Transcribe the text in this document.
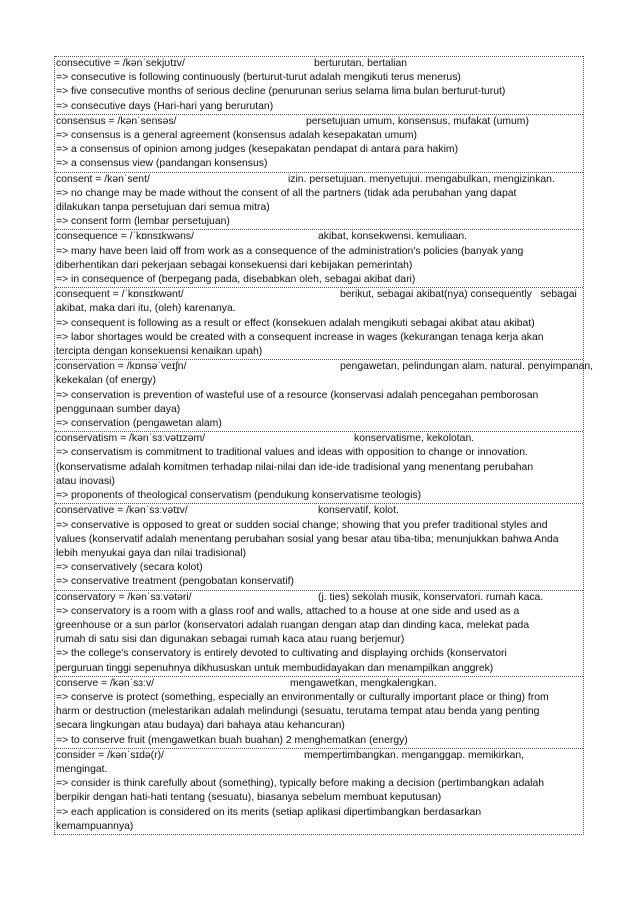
consecutive = /kənˈsekjʊtɪv/	berturutan. bertalian
=> consecutive is following continuously (berturut-turut adalah mengikuti terus menerus)
=> five consecutive months of serious decline (penurunan serius selama lima bulan berturut-turut)
=> consecutive days (Hari-hari yang berurutan)
consensus = /kənˈsensəs/	persetujuan umum, konsensus, mufakat (umum)
=> consensus is a general agreement (konsensus adalah kesepakatan umum)
=> a consensus of opinion among judges (kesepakatan pendapat di antara para hakim)
=> a consensus view (pandangan konsensus)
consent = /kənˈsent/	izin. persetujuan. menyetujui. mengabulkan, mengizinkan.
=> no change may be made without the consent of all the partners (tidak ada perubahan yang dapat
dilakukan tanpa persetujuan dari semua mitra)
=> consent form (lembar persetujuan)
consequence = /ˈkɒnsɪkwəns/	akibat, konsekwensi. kemuliaan.
=> many have been laid off from work as a consequence of the administration's policies (banyak yang
diberhentikan dari pekerjaan sebagai konsekuensi dari kebijakan pemerintah)
=> in consequence of (berpegang pada, disebabkan oleh, sebagai akibat dari)
consequent = /ˈkɒnsɪkwənt/	berikut, sebagai akibat(nya) consequently   sebagai
akibat, maka dari itu, (oleh) karenanya.
=> consequent is following as a result or effect (konsekuen adalah mengikuti sebagai akibat atau akibat)
=> labor shortages would be created with a consequent increase in wages (kekurangan tenaga kerja akan
tercipta dengan konsekuensi kenaikan upah)
conservation = /kɒnsəˈveɪʃn/	pengawetan, pelindungan alam. natural. penyimpanan,
kekekalan (of energy)
=> conservation is prevention of wasteful use of a resource (konservasi adalah pencegahan pemborosan
penggunaan sumber daya)
=> conservation (pengawetan alam)
conservatism = /kənˈsɜːvətɪzəm/	konservatisme, kekolotan.
=> conservatism is commitment to traditional values and ideas with opposition to change or innovation.
(konservatisme adalah komitmen terhadap nilai-nilai dan ide-ide tradisional yang menentang perubahan
atau inovasi)
=> proponents of theological conservatism (pendukung konservatisme teologis)
conservative = /kənˈsɜːvətɪv/	konservatif, kolot.
=> conservative is opposed to great or sudden social change; showing that you prefer traditional styles and
values (konservatif adalah menentang perubahan sosial yang besar atau tiba-tiba; menunjukkan bahwa Anda
lebih menyukai gaya dan nilai tradisional)
=> conservatively (secara kolot)
=> conservative treatment (pengobatan konservatif)
conservatory = /kənˈsɜːvətəri/	(j. ties) sekolah musik, konservatori. rumah kaca.
=> conservatory is a room with a glass roof and walls, attached to a house at one side and used as a
greenhouse or a sun parlor (konservatori adalah ruangan dengan atap dan dinding kaca, melekat pada
rumah di satu sisi dan digunakan sebagai rumah kaca atau ruang berjemur)
=> the college's conservatory is entirely devoted to cultivating and displaying orchids (konservatori
perguruan tinggi sepenuhnya dikhususkan untuk membudidayakan dan menampilkan anggrek)
conserve = /kənˈsɜːv/	mengawetkan, mengkalengkan.
=> conserve is protect (something, especially an environmentally or culturally important place or thing) from
harm or destruction (melestarikan adalah melindungi (sesuatu, terutama tempat atau benda yang penting
secara lingkungan atau budaya) dari bahaya atau kehancuran)
=> to conserve fruit (mengawetkan buah buahan) 2 menghematkan (energy)
consider = /kənˈsɪdə(r)/	mempertimbangkan. menganggap. memikirkan,
mengingat.
=> consider is think carefully about (something), typically before making a decision (pertimbangkan adalah
berpikir dengan hati-hati tentang (sesuatu), biasanya sebelum membuat keputusan)
=> each application is considered on its merits (setiap aplikasi dipertimbangkan berdasarkan
kemampuannya)
